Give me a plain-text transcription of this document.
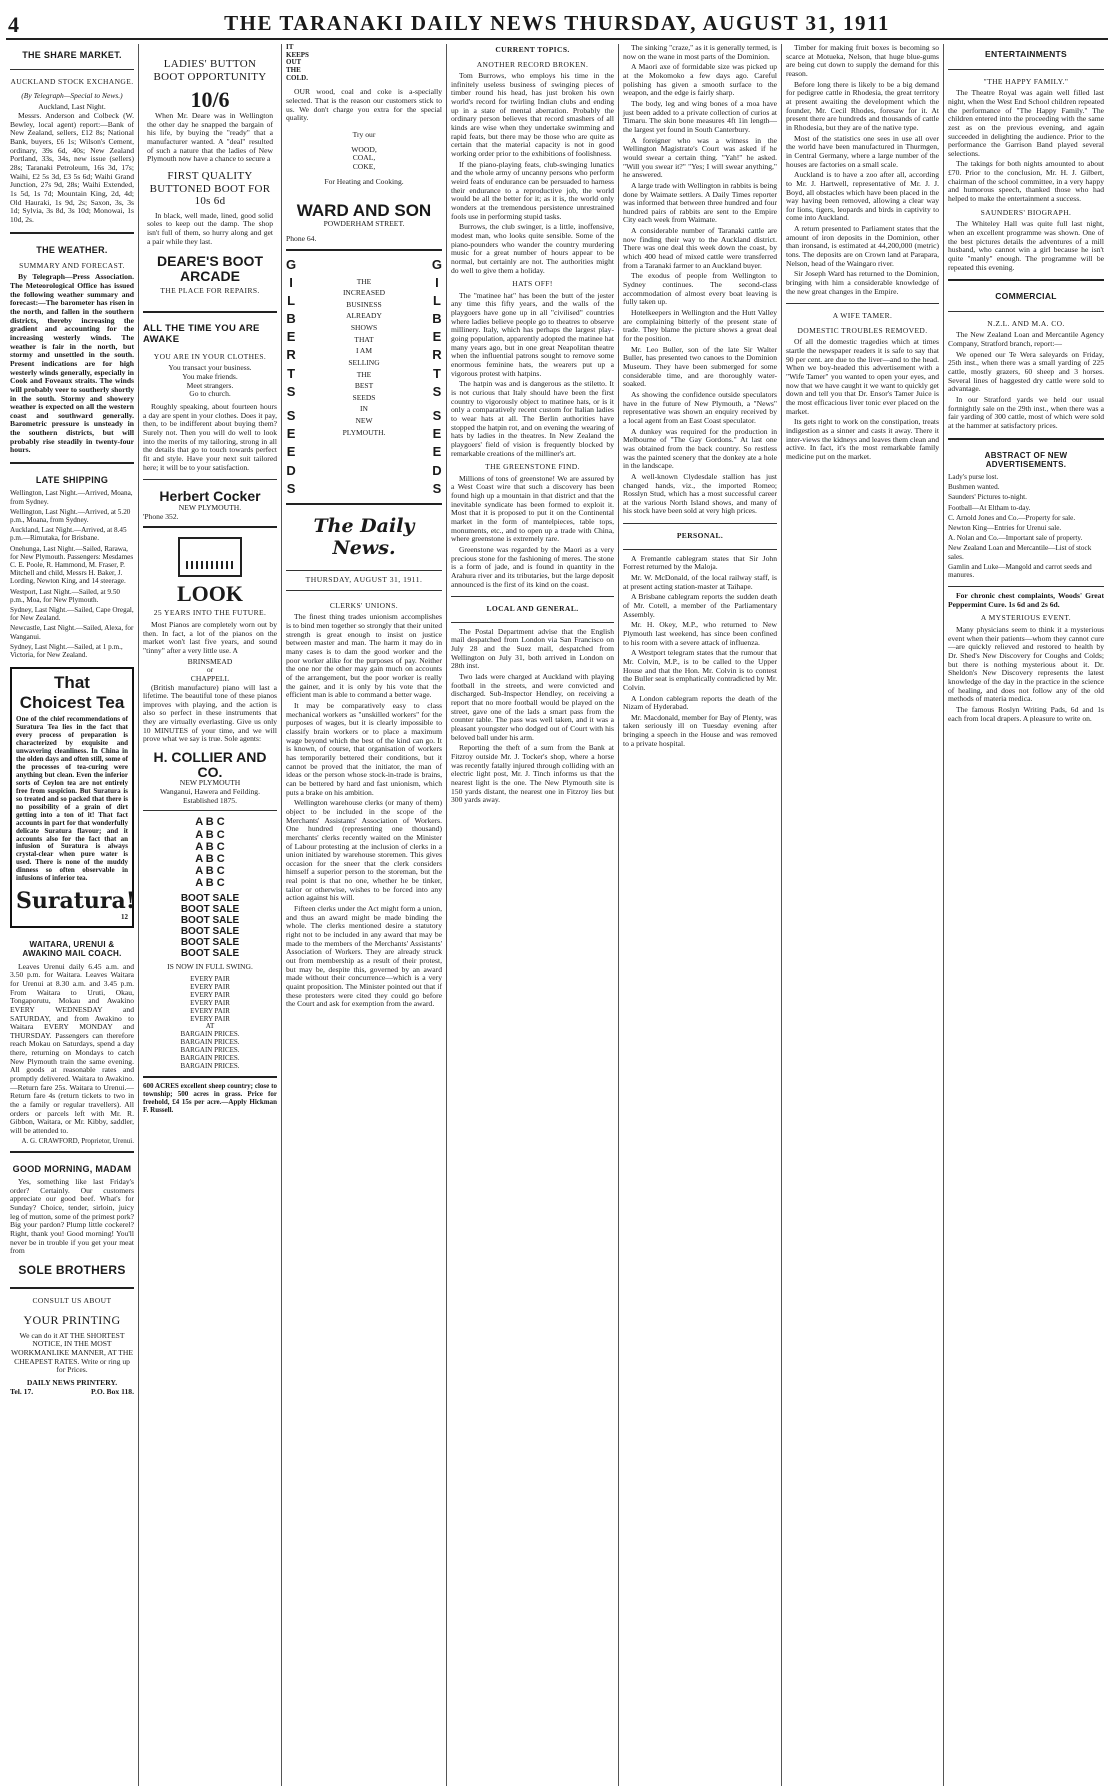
4	THE TARANAKI DAILY NEWS THURSDAY, AUGUST 31, 1911
THE SHARE MARKET.
AUCKLAND STOCK EXCHANGE.
(By Telegraph—Special to News.)
Auckland, Last Night.

Messrs. Anderson and Colbeck (W. Bewley, local agent) report:—Bank of New Zealand, sellers, £12 8s; National Bank, buyers, £6 1s; Wilson's Cement, ordinary, 39s 6d, 40s; New Zealand Portland, 33s, 34s, new issue (sellers) 28s; Taranaki Petroleum, 16s 3d, 17s; Waihi, £2 5s 3d, £3 5s 6d; Waihi Grand Junction, 27s 9d, 28s; Waihi Extended, 1s 5d, 1s 7d; Mountain King, 2d, 4d; Old Hauraki, 1s 9d, 2s; Saxon, 3s, 3s 1d; Sylvia, 3s 8d, 3s 10d; Monowai, 1s 10d, 2s.

THE WEATHER.
SUMMARY AND FORECAST.

By Telegraph—Press Association. The Meteorological Office has issued the following weather summary and forecast:—The barometer has risen in the north, and fallen in the southern districts, thereby increasing the gradient and accounting for the increasing westerly winds. The weather is fair in the north, but stormy and unsettled in the south. Present indications are for high westerly winds generally, especially in Cook and Foveaux straits. The winds will probably veer to southerly shortly in the south. Stormy and showery weather is expected on all the western coast and southward generally. Barometric pressure is unsteady in the southern districts, but will probably rise steadily in twenty-four hours.

LATE SHIPPING

Wellington, Last Night.—Arrived, Moana, from Sydney.

Wellington, Last Night.—Arrived, at 5.20 p.m., Moana, from Sydney.

Auckland, Last Night.—Arrived, at 8.45 p.m.—Rimutaka, for Brisbane.

Onehunga, Last Night.—Sailed, Rarawa, for New Plymouth. Passengers: Mesdames C. E. Poole, R. Hammond, M. Fraser, P. Mitchell and child, Messrs H. Baker, J. Lording, Newton King, and 14 steerage.

Westport, Last Night.—Sailed, at 9.50 p.m., Moa, for New Plymouth.

Sydney, Last Night.—Sailed, Cape Oregal, for New Zealand.

Newcastle, Last Night.—Sailed, Alexa, for Wanganui.

Sydney, Last Night.—Sailed, at 1 p.m., Victoria, for New Zealand.

That Choicest Tea
One of the chief recommendations of Suratura Tea lies in the fact that every process of preparation is characterized by exquisite and unwavering cleanliness. In China in the olden days and often still, some of the processes of tea-curing were anything but clean. Even the inferior sorts of Ceylon tea are not entirely free from suspicion. But Suratura is so treated and so packed that there is no possibility of a grain of dirt getting into a ton of it! That fact accounts in part for that wonderfully delicate Suratura flavour; and it accounts also for the fact that an infusion of Suratura is always crystal-clear when pure water is used. There is none of the muddy dinness so often observable in infusions of inferior tea.
Suratura!
12
WAITARA, URENUI & AWAKINO MAIL COACH.

Leaves Urenui daily 6.45 a.m. and 3.50 p.m. for Waitara. Leaves Waitara for Urenui at 8.30 a.m. and 3.45 p.m. From Waitara to Uruti, Okau, Tongaporutu, Mokau and Awakino EVERY WEDNESDAY and SATURDAY, and from Awakino to Waitara EVERY MONDAY and THURSDAY. Passengers can therefore reach Mokau on Saturdays, spend a day there, returning on Mondays to catch New Plymouth train the same evening. All goods at reasonable rates and promptly delivered. Waitara to Awakino.—Return fare 25s. Waitara to Urenui.—Return fare 4s (return tickets to two in the a family or regular travellers). All orders or parcels left with Mr. R. Gibbon, Waitara, or Mr. Kibby, saddler, will be attended to.

A. G. CRAWFORD, Proprietor, Urenui.
GOOD MORNING, MADAM

Yes, something like last Friday's order? Certainly. Our customers appreciate our good beef. What's for Sunday? Choice, tender, sirloin, juicy leg of mutton, some of the primest pork? Big your pardon? Plump little cockerel? Right, thank you! Good morning! You'll never be in trouble if you get your meat from

SOLE BROTHERS
CONSULT US ABOUT
YOUR PRINTING
We can do it AT THE SHORTEST NOTICE, IN THE MOST WORKMANLIKE MANNER, AT THE CHEAPEST RATES. Write or ring up for Prices.
DAILY NEWS PRINTERY.
Tel. 17.	P.O. Box 118.
LADIES' BUTTON BOOT OPPORTUNITY
10/6

When Mr. Deare was in Wellington the other day he snapped the bargain of his life, by buying the "ready" that a manufacturer wanted. A "deal" resulted of such a nature that the ladies of New Plymouth now have a chance to secure a

FIRST QUALITY BUTTONED BOOT FOR 10s 6d

In black, well made, lined, good solid soles to keep out the damp. The shop isn't full of them, so hurry along and get a pair while they last.

DEARE'S BOOT ARCADE
THE PLACE FOR REPAIRS.
ALL THE TIME YOU ARE AWAKE
YOU ARE IN YOUR CLOTHES.
You transact your business.
You make friends.
Meet strangers.
Go to church.

Roughly speaking, about fourteen hours a day are spent in your clothes. Does it pay, then, to be indifferent about buying them? Surely not. Then you will do well to look into the merits of my tailoring, strong in all the details that go to touch towards perfect fit and style. Have your next suit tailored here; it will be to your satisfaction.

Herbert Cocker
NEW PLYMOUTH.
'Phone 352.
LOOK
25 YEARS INTO THE FUTURE.

Most Pianos are completely worn out by then. In fact, a lot of the pianos on the market won't last five years, and sound "tinny" after a very little use. A

BRINSMEAD
or
CHAPPELL

(British manufacture) piano will last a lifetime. The beautiful tone of these pianos improves with playing, and the action is also so perfect in these instruments that they are virtually everlasting. Give us only 10 MINUTES of your time, and we will prove what we say is true. Sole agents:

H. COLLIER AND CO.
NEW PLYMOUTH
Wanganui, Hawera and Feilding.
Established 1875.
A B C
A B C
A B C
A B C
A B C
A B C
BOOT SALE
BOOT SALE
BOOT SALE
BOOT SALE
BOOT SALE
BOOT SALE
IS NOW IN FULL SWING.
EVERY PAIR
EVERY PAIR
EVERY PAIR
EVERY PAIR
EVERY PAIR
EVERY PAIR
AT
BARGAIN PRICES.
BARGAIN PRICES.
BARGAIN PRICES.
BARGAIN PRICES.
BARGAIN PRICES.
600 ACRES excellent sheep country; close to township; 500 acres in grass. Price for freehold, £4 15s per acre.—Apply Hickman F. Russell.
IT
KEEPS
OUT
THE
COLD.

OUR wood, coal and coke is a-specially selected. That is the reason our customers stick to us. We don't charge you extra for the special quality.

Try our
WOOD,
COAL,
COKE,
For Heating and Cooking.
WARD AND SON
POWDERHAM STREET.
Phone 64.
G
I
L
B
E
R
T
S
S
E
E
D
S
THE
INCREASED
BUSINESS
ALREADY
SHOWS
THAT
I AM
SELLING
THE
BEST
SEEDS
IN
NEW
PLYMOUTH.
G
I
L
B
E
R
T
S
S
E
E
D
S
The Daily News.
THURSDAY, AUGUST 31, 1911.
CLERKS' UNIONS.

The finest thing trades unionism accomplishes is to bind men together so strongly that their united strength is great enough to insist on justice between master and man. The harm it may do in many cases is to dam the good worker and the poor worker alike for the purposes of pay. Neither the one nor the other may gain much on accounts of the arrangement, but the poor worker is really the gainer, and it is only by his vote that the efficient man is able to command a better wage.

It may be comparatively easy to class mechanical workers as "unskilled workers" for the purposes of wages, but it is clearly impossible to classify brain workers or to place a maximum wage beyond which the best of the kind can go. It is known, of course, that organisation of workers has temporarily bettered their conditions, but it cannot be proved that the initiator, the man of ideas or the person whose stock-in-trade is brains, can be bettered by hard and fast unionism, which puts a brake on his ambition.

Wellington warehouse clerks (or many of them) object to be included in the scope of the Merchants' Assistants' Association of Workers. One hundred (representing one thousand) merchants' clerks recently waited on the Minister of Labour protesting at the inclusion of clerks in a union initiated by warehouse storemen. This gives occasion for the sneer that the clerk considers himself a superior person to the storeman, but the real point is that no one, whether he be tinker, tailor or otherwise, wishes to be forced into any action against his will.

Fifteen clerks under the Act might form a union, and thus an award might be made binding the whole. The clerks mentioned desire a statutory right not to be included in any award that may be made to the members of the Merchants' Assistants' Association of Workers. They are already struck out from membership as a result of their protest, but may be, despite this, governed by an award made without their concurrence—which is a very quaint proposition. The Minister pointed out that if these protesters were cited they could go before the Court and ask for exemption from the award.

CURRENT TOPICS.
ANOTHER RECORD BROKEN.

Tom Burrows, who employs his time in the infinitely useless business of swinging pieces of timber round his head, has just broken his own world's record for twirling Indian clubs and ending up in a state of mental aberration. Probably the ordinary person believes that record smashers of all kinds are wise when they undertake swimming and rapid feats, but there may be those who are quite as certain that the material capacity is not in good working order prior to the exhibitions of foolishness.

If the piano-playing feats, club-swinging lunatics and the whole army of uncanny persons who perform weird feats of endurance can be persuaded to harness their endurance to a reproductive job, the world would be all the better for it; as it is, the world only wonders at the tremendous persistence unrestrained fools use in performing stupid tasks.

Burrows, the club swinger, is a little, inoffensive, modest man, who looks quite sensible. Some of the piano-pounders who wander the country murdering music for a great number of hours appear to be normal, but certainly are not. The authorities might do well to give them a holiday.

HATS OFF!

The "matinee hat" has been the butt of the jester any time this fifty years, and the walls of the playgoers have gone up in all "civilised" countries where ladies believe people go to theatres to observe millinery. Italy, which has perhaps the largest play-going population, apparently adopted the matinee hat many years ago, but in one great Neapolitan theatre when the influential patrons sought to remove some enormous feminine hats, the wearers put up a vigorous protest with hatpins.

The hatpin was and is dangerous as the stiletto. It is not curious that Italy should have been the first country to vigorously object to matinee hats, or is it only a comparatively recent custom for Italian ladies to wear hats at all. The Berlin authorities have stopped the hatpin rot, and on evening the wearing of hats by ladies in the theatres. In New Zealand the playgoers' field of vision is frequently blocked by remarkable creations of the milliner's art.

THE GREENSTONE FIND.

Millions of tons of greenstone! We are assured by a West Coast wire that such a discovery has been found high up a mountain in that district and that the inevitable syndicate has been formed to exploit it. Most that it is proposed to put it on the Continental market in the form of mantelpieces, table tops, monuments, etc., and to open up a trade with China, where greenstone is extremely rare.

Greenstone was regarded by the Maori as a very precious stone for the fashioning of meres. The stone is a form of jade, and is found in quantity in the Arahura river and its tributaries, but the large deposit announced is the first of its kind on the coast.

LOCAL AND GENERAL.

The Postal Department advise that the English mail despatched from London via San Francisco on July 28 and the Suez mail, despatched from Wellington on July 31, both arrived in London on 28th inst.

Two lads were charged at Auckland with playing football in the streets, and were convicted and discharged. Sub-Inspector Hendley, on receiving a report that no more football would be played on the street, gave one of the lads a smart pass from the counter table. The pass was well taken, and it was a pleasant youngster who dodged out of Court with his beloved ball under his arm.

Reporting the theft of a sum from the Bank at Fitzroy outside Mr. J. Tocker's shop, where a horse was recently fatally injured through colliding with an electric light post, Mr. J. Tinch informs us that the nearest light is the one. The New Plymouth site is 150 yards distant, the nearest one in Fitzroy lies but 300 yards away.

The sinking "craze," as it is generally termed, is now on the wane in most parts of the Dominion.

A Maori axe of formidable size was picked up at the Mokomoko a few days ago. Careful polishing has given a smooth surface to the weapon, and the edge is fairly sharp.

The body, leg and wing bones of a moa have just been added to a private collection of curios at Timaru. The skin bone measures 4ft 1in length—the largest yet found in South Canterbury.

A foreigner who was a witness in the Wellington Magistrate's Court was asked if he would swear a certain thing. "Yah!" he asked. "Will you swear it?" "Yes; I will swear anything," he answered.

A large trade with Wellington in rabbits is being done by Waimate settlers. A Daily Times reporter was informed that between three hundred and four hundred pairs of rabbits are sent to the Empire City each week from Waimate.

A considerable number of Taranaki cattle are now finding their way to the Auckland district. There was one deal this week down the coast, by which 400 head of mixed cattle were transferred from a Taranaki farmer to an Auckland buyer.

The exodus of people from Wellington to Sydney continues. The second-class accommodation of almost every boat leaving is fully taken up.

Hotelkeepers in Wellington and the Hutt Valley are complaining bitterly of the present state of trade. They blame the picture shows a great deal for the position.

Mr. Leo Buller, son of the late Sir Walter Buller, has presented two canoes to the Dominion Museum. They have been submerged for some considerable time, and are thoroughly water-soaked.

As showing the confidence outside speculators have in the future of New Plymouth, a "News" representative was shown an enquiry received by a local agent from an East Coast speculator.

A dunkey was required for the production in Melbourne of "The Gay Gordons." At last one was obtained from the back country. So restless was the painted scenery that the donkey ate a hole in the landscape.

A well-known Clydesdale stallion has just changed hands, viz., the imported Romeo; Rosslyn Stud, which has a most successful career at the various North Island shows, and many of his stock have been sold at very high prices.

PERSONAL.

A Fremantle cablegram states that Sir John Forrest returned by the Maloja.

Mr. W. McDonald, of the local railway staff, is at present acting station-master at Taihape.

A Brisbane cablegram reports the sudden death of Mr. Cotell, a member of the Parliamentary Assembly.

Mr. H. Okey, M.P., who returned to New Plymouth last weekend, has since been confined to his room with a severe attack of influenza.

A Westport telegram states that the rumour that Mr. Colvin, M.P., is to be called to the Upper House and that the Hon. Mr. Colvin is to contest the Buller seat is emphatically contradicted by Mr. Colvin.

A London cablegram reports the death of the Nizam of Hyderabad.

Mr. Macdonald, member for Bay of Plenty, was taken seriously ill on Tuesday evening after bringing a speech in the House and was removed to a private hospital.

Timber for making fruit boxes is becoming so scarce at Motueka, Nelson, that huge blue-gums are being cut down to supply the demand for this reason.

Before long there is likely to be a big demand for pedigree cattle in Rhodesia, the great territory at present awaiting the development which the founder, Mr. Cecil Rhodes, foresaw for it. At present there are hundreds and thousands of cattle in Rhodesia, but they are of the native type.

Most of the statistics one sees in use all over the world have been manufactured in Thurmgen, in Central Germany, where a large number of the houses are factories on a small scale.

Auckland is to have a zoo after all, according to Mr. J. Hartwell, representative of Mr. J. J. Boyd, all obstacles which have been placed in the way having been removed, allowing a clear way for lions, tigers, leopards and birds in captivity to come into Auckland.

A return presented to Parliament states that the amount of iron deposits in the Dominion, other than ironsand, is estimated at 44,200,000 (metric) tons. The deposits are on Crown land at Parapara, Nelson, head of the Waingaro river.

Sir Joseph Ward has returned to the Dominion, bringing with him a considerable knowledge of the new great changes in the Empire.

A WIFE TAMER.
DOMESTIC TROUBLES REMOVED.

Of all the domestic tragedies which at times startle the newspaper readers it is safe to say that 90 per cent. are due to the liver—and to the head. When we boy-headed this advertisement with a "Wife Tamer" you wanted to open your eyes, and now that we have caught it we want to quickly get down and tell you that Dr. Ensor's Tamer Juice is the most efficacious liver tonic ever placed on the market.

Its gets right to work on the constipation, treats indigestion as a sinner and casts it away. There it inter-views the kidneys and leaves them clean and active. In fact, it's the most remarkable family medicine put on the market.

ENTERTAINMENTS
"THE HAPPY FAMILY."

The Theatre Royal was again well filled last night, when the West End School children repeated the performance of "The Happy Family." The children entered into the proceeding with the same zest as on the previous evening, and again succeeded in delighting the audience. Prior to the performance the Garrison Band played several selections.

The takings for both nights amounted to about £70. Prior to the conclusion, Mr. H. J. Gilbert, chairman of the school committee, in a very happy and humorous speech, thanked those who had helped to make the entertainment a success.

SAUNDERS' BIOGRAPH.

The Whiteley Hall was quite full last night, when an excellent programme was shown. One of the best pictures details the adventures of a mill husband, who cannot win a girl because he isn't quite "manly" enough. The programme will be repeated this evening.

COMMERCIAL
N.Z.L. AND M.A. CO.

The New Zealand Loan and Mercantile Agency Company, Stratford branch, report:—

We opened our Te Wera saleyards on Friday, 25th inst., when there was a small yarding of 225 cattle, mostly grazers, 60 sheep and 3 horses. Several lines of haggested dry cattle were sold to advantage.

In our Stratford yards we held our usual fortnightly sale on the 29th inst., when there was a fair yarding of 300 cattle, most of which were sold at the hammer at satisfactory prices.

ABSTRACT OF NEW ADVERTISEMENTS.

Lady's purse lost.

Bushmen wanted.

Saunders' Pictures to-night.

Football—At Eltham to-day.

C. Arnold Jones and Co.—Property for sale.

Newton King—Entries for Urenui sale.

A. Nolan and Co.—Important sale of property.

New Zealand Loan and Mercantile—List of stock sales.

Gamlin and Luke—Mangold and carrot seeds and manures.

For chronic chest complaints, Woods' Great Peppermint Cure. 1s 6d and 2s 6d.

A MYSTERIOUS EVENT.

Many physicians seem to think it a mysterious event when their patients—whom they cannot cure—are quickly relieved and restored to health by Dr. Shed's New Discovery for Coughs and Colds; but there is nothing mysterious about it. Dr. Sheldon's New Discovery represents the latest knowledge of the day in the practice in the science of healing, and does not follow any of the old methods of materia medica.

The famous Roslyn Writing Pads, 6d and 1s each from local drapers. A pleasure to write on.
